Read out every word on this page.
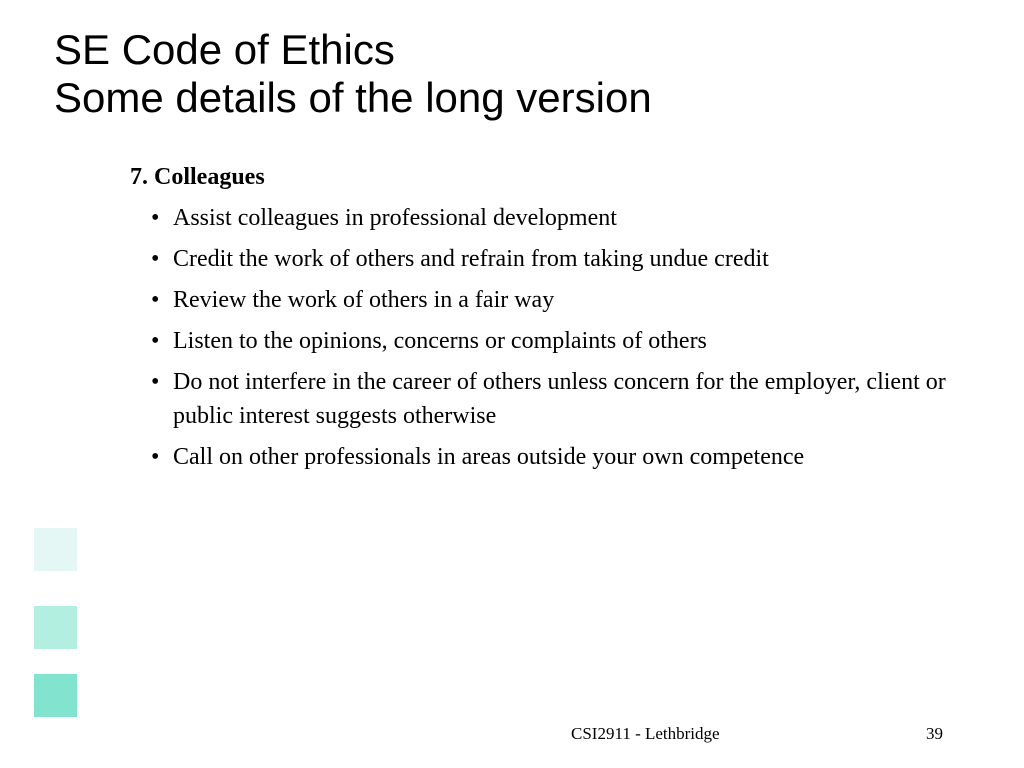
SE Code of Ethics
Some details of the long version
7. Colleagues
• Assist colleagues in professional development
• Credit the work of others and refrain from taking undue credit
• Review the work of others in a fair way
• Listen to the opinions, concerns or complaints of others
• Do not interfere in the career of others unless concern for the employer, client or public interest suggests otherwise
• Call on other professionals in areas outside your own competence
CSI2911 - Lethbridge	39
